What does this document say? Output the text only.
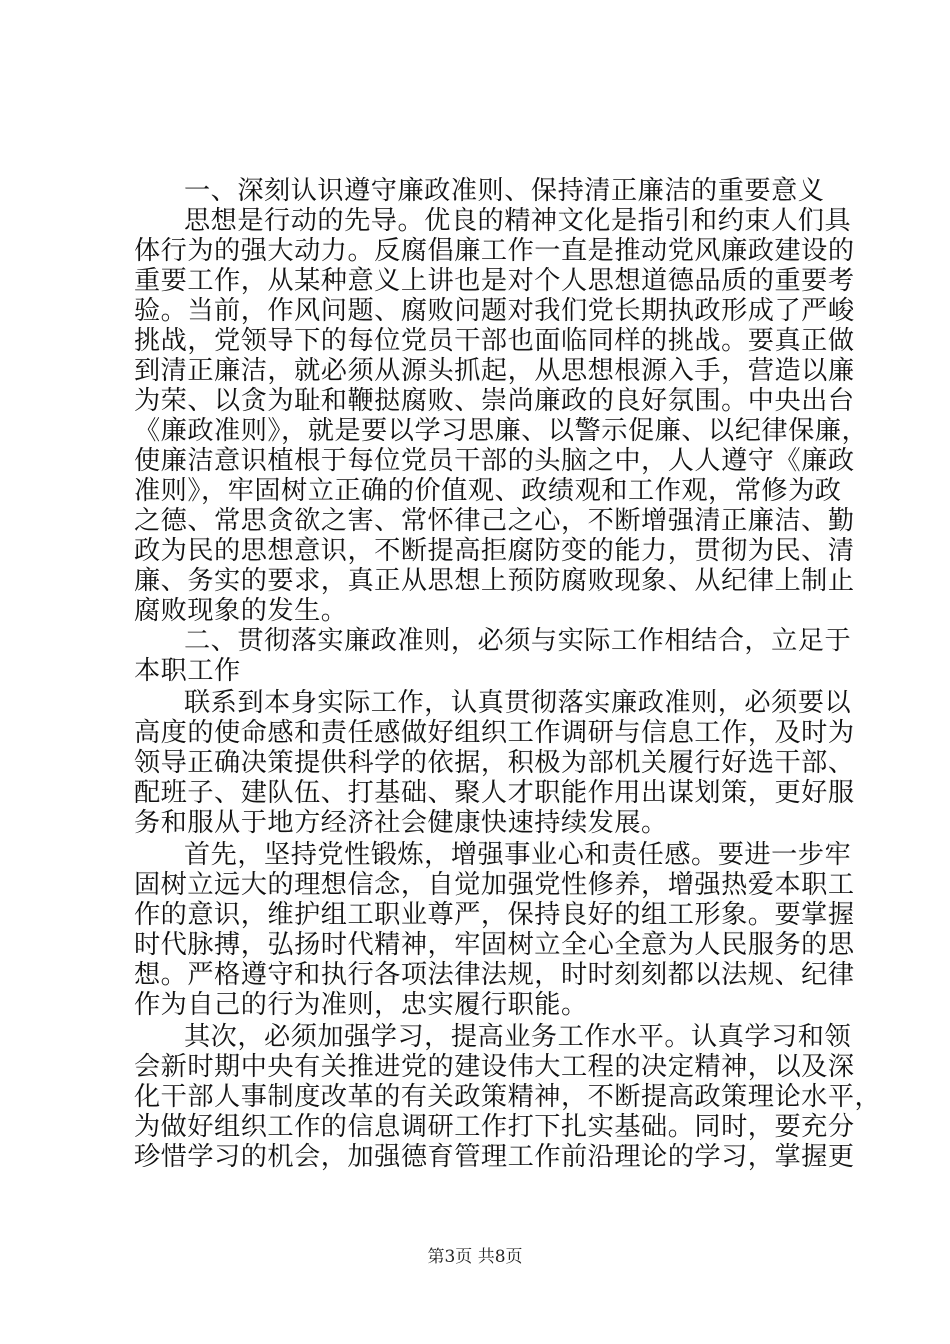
一、深刻认识遵守廉政准则、保持清正廉洁的重要意义
思想是行动的先导。优良的精神文化是指引和约束人们具
体行为的强大动力。反腐倡廉工作一直是推动党风廉政建设的
重要工作，从某种意义上讲也是对个人思想道德品质的重要考
验。当前，作风问题、腐败问题对我们党长期执政形成了严峻
挑战，党领导下的每位党员干部也面临同样的挑战。要真正做
到清正廉洁，就必须从源头抓起，从思想根源入手，营造以廉
为荣、以贪为耻和鞭挞腐败、崇尚廉政的良好氛围。中央出台
《廉政准则》，就是要以学习思廉、以警示促廉、以纪律保廉，
使廉洁意识植根于每位党员干部的头脑之中，人人遵守《廉政
准则》，牢固树立正确的价值观、政绩观和工作观，常修为政
之德、常思贪欲之害、常怀律己之心，不断增强清正廉洁、勤
政为民的思想意识，不断提高拒腐防变的能力，贯彻为民、清
廉、务实的要求，真正从思想上预防腐败现象、从纪律上制止
腐败现象的发生。
二、贯彻落实廉政准则，必须与实际工作相结合，立足于
本职工作
联系到本身实际工作，认真贯彻落实廉政准则，必须要以
高度的使命感和责任感做好组织工作调研与信息工作，及时为
领导正确决策提供科学的依据，积极为部机关履行好选干部、
配班子、建队伍、打基础、聚人才职能作用出谋划策，更好服
务和服从于地方经济社会健康快速持续发展。
首先，坚持党性锻炼，增强事业心和责任感。要进一步牢
固树立远大的理想信念，自觉加强党性修养，增强热爱本职工
作的意识，维护组工职业尊严，保持良好的组工形象。要掌握
时代脉搏，弘扬时代精神，牢固树立全心全意为人民服务的思
想。严格遵守和执行各项法律法规，时时刻刻都以法规、纪律
作为自己的行为准则，忠实履行职能。
其次，必须加强学习，提高业务工作水平。认真学习和领
会新时期中央有关推进党的建设伟大工程的决定精神，以及深
化干部人事制度改革的有关政策精神，不断提高政策理论水平，
为做好组织工作的信息调研工作打下扎实基础。同时，要充分
珍惜学习的机会，加强德育管理工作前沿理论的学习，掌握更
第3页 共8页
